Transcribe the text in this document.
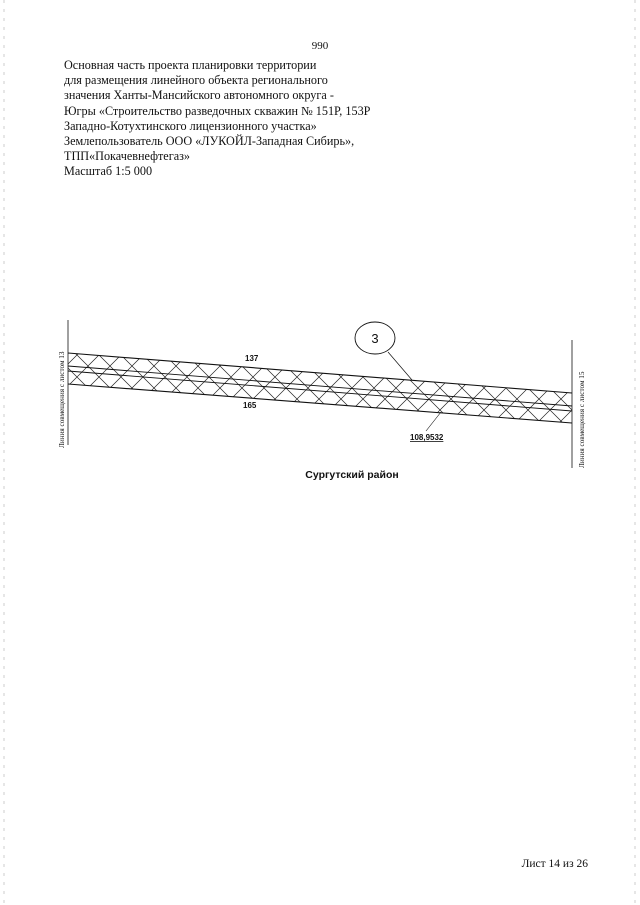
990
Основная часть проекта планировки территории
для размещения линейного объекта регионального
значения Ханты-Мансийского автономного округа -
Югры «Строительство разведочных скважин № 151Р, 153Р
Западно-Котухтинского лицензионного участка»
Землепользователь ООО «ЛУКОЙЛ-Западная Сибирь»,
ТПП«Покачевнефтегаз»
Масштаб 1:5 000
Линия совмещения с листом 13	Линия совмещения с листом 15
3
137
165
108,9532
Сургутский район
Лист 14 из 26
